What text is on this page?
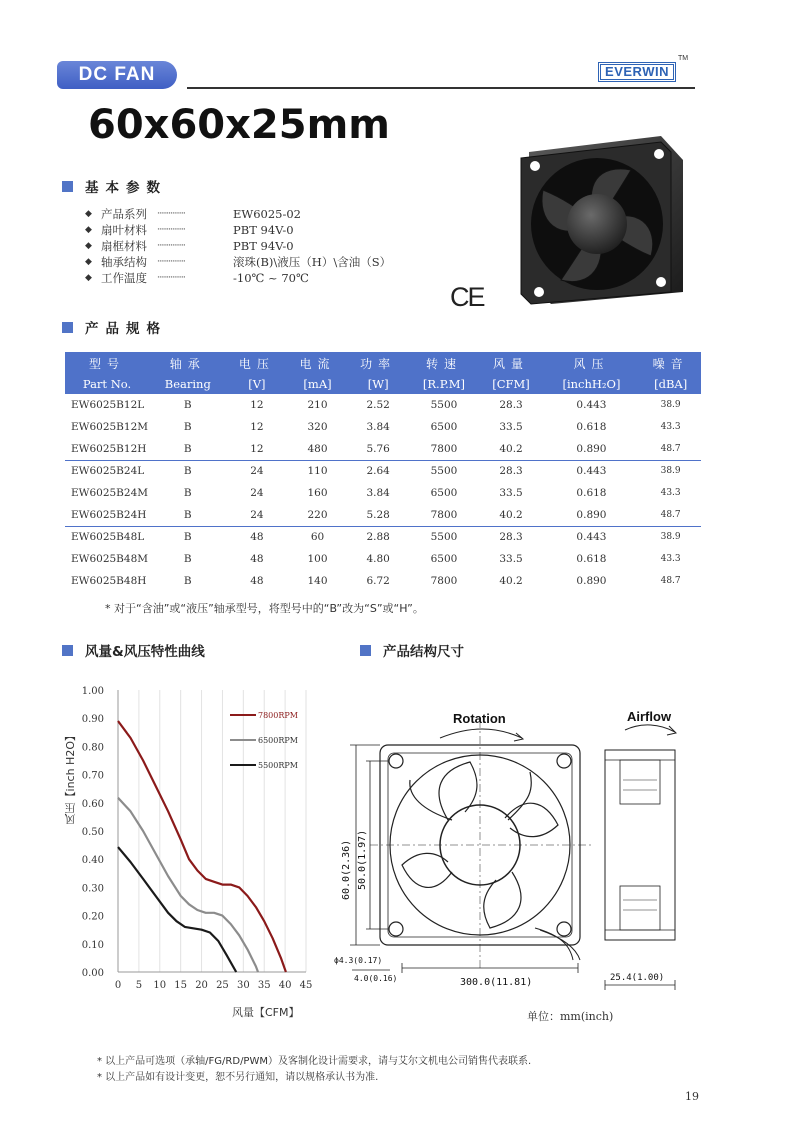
DC FAN	EVERWIN
TM
60x60x25mm
基本参数
◆ 产品系列	···············	EW6025-02
◆ 扇叶材料	···············	PBT 94V-0
◆ 扇框材料	···············	PBT 94V-0
◆ 轴承结构	···············	滚珠(B)\液压（H）\含油（S）
◆ 工作温度	···············	-10℃ ~ 70℃
CE
产品规格
型号	轴承	电压	电流	功率	转速	风量	风压	噪音
Part No.	Bearing	[V]	[mA]	[W]	[R.P.M]	[CFM]	[inchH₂O]	[dBA]
EW6025B12L	B	12	210	2.52	5500	28.3	0.443	38.9
EW6025B12M	B	12	320	3.84	6500	33.5	0.618	43.3
EW6025B12H	B	12	480	5.76	7800	40.2	0.890	48.7
EW6025B24L	B	24	110	2.64	5500	28.3	0.443	38.9
EW6025B24M	B	24	160	3.84	6500	33.5	0.618	43.3
EW6025B24H	B	24	220	5.28	7800	40.2	0.890	48.7
EW6025B48L	B	48	60	2.88	5500	28.3	0.443	38.9
EW6025B48M	B	48	100	4.80	6500	33.5	0.618	43.3
EW6025B48H	B	48	140	6.72	7800	40.2	0.890	48.7
* 对于“含油”或“液压”轴承型号，将型号中的“B”改为“S”或“H”。
风量&风压特性曲线	产品结构尺寸
0.00
0.10
0.20
0.30
0.40
0.50
0.60
0.70
0.80
0.90
1.00
0 5 10 15 20 25 30 35 40 45
7800RPM
6500RPM
5500RPM
风压【inch H2O】
风量【CFM】
Rotation	Airflow
60.0(2.36) 50.0(1.97)
ϕ4.3(0.17)
4.0(0.16)	300.0(11.81)	25.4(1.00)
单位：mm(inch)
* 以上产品可选项（承轴/FG/RD/PWM）及客制化设计需要求，请与艾尔文机电公司销售代表联系.
* 以上产品如有设计变更，恕不另行通知，请以规格承认书为准.
19
